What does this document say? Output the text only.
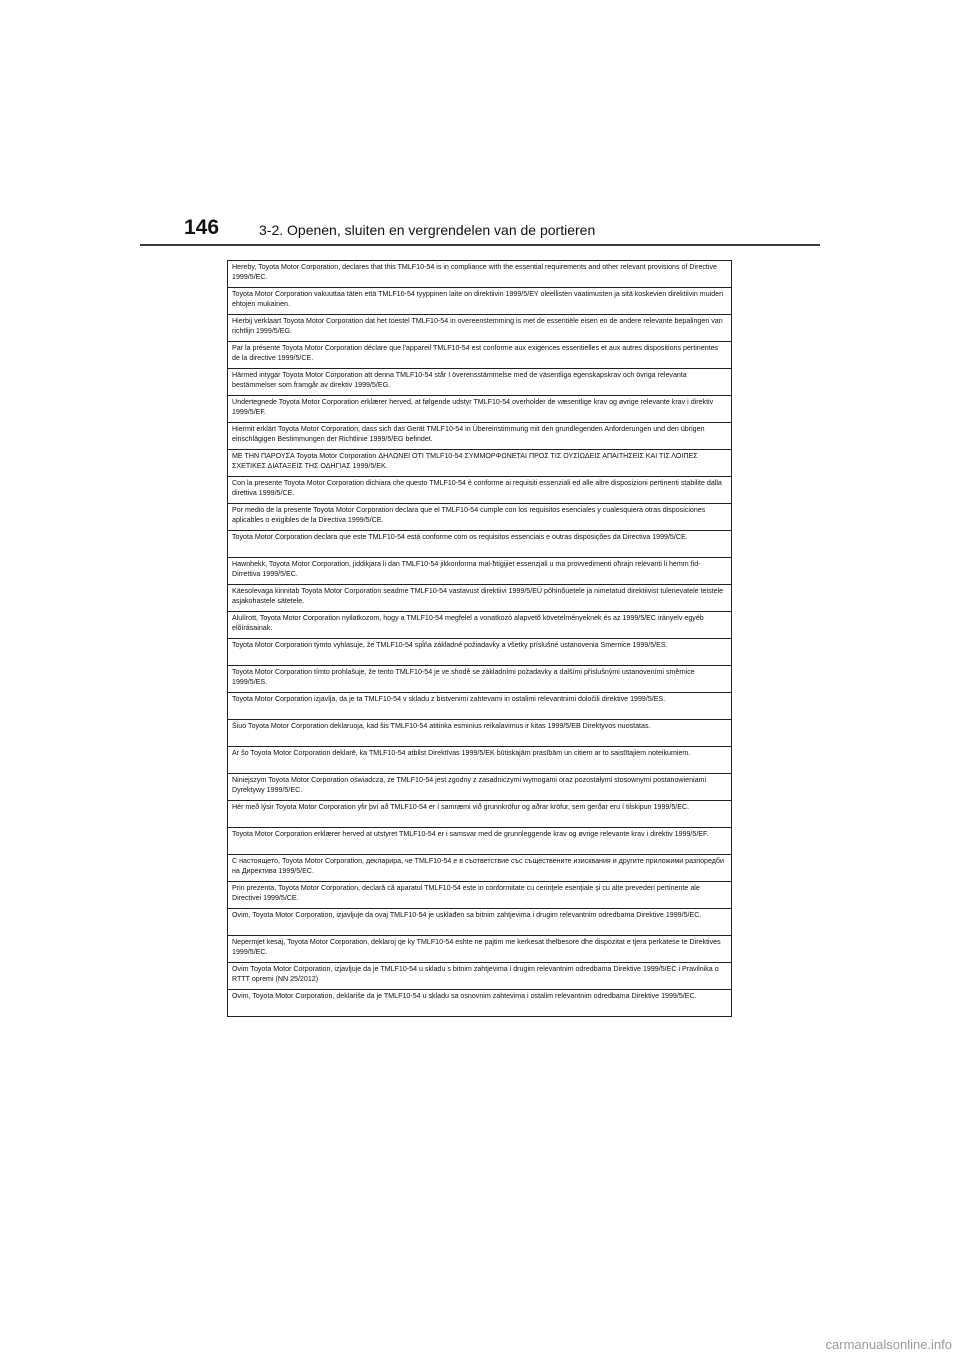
146	3-2. Openen, sluiten en vergrendelen van de portieren
Hereby, Toyota Motor Corporation, declares that this TMLF10-54 is in compliance with the essential requirements and other relevant provisions of Directive 1999/5/EC.
Toyota Motor Corporation vakuuttaa täten että TMLF10-54 tyyppinen laite on direktiivin 1999/5/EY oleellisten vaatimusten ja sitä koskevien direktiivin muiden ehtojen mukainen.
Hierbij verklaart Toyota Motor Corporation dat het toestel TMLF10-54 in overeenstemming is met de essentiële eisen en de andere relevante bepalingen van richtlijn 1999/5/EG.
Par la présente Toyota Motor Corporation déclare que l'appareil TMLF10-54 est conforme aux exigences essentielles et aux autres dispositions pertinentes de la directive 1999/5/CE.
Härmed intygar Toyota Motor Corporation att denna TMLF10-54 står I överensstämmelse med de väsentliga egenskapskrav och övriga relevanta bestämmelser som framgår av direktiv 1999/5/EG.
Undertegnede Toyota Motor Corporation erklærer herved, at følgende udstyr TMLF10-54 overholder de væsentlige krav og øvrige relevante krav i direktiv 1999/5/EF.
Hiermit erklärt Toyota Motor Corporation, dass sich das Gerät TMLF10-54 in Übereinstimmung mit den grundlegenden Anforderungen und den übrigen einschlägigen Bestimmungen der Richtlinie 1999/5/EG befindet.
ΜΕ ΤΗΝ ΠΑΡΟΥΣΑ Toyota Motor Corporation ΔΗΛΩΝΕΙ ΟΤΙ TMLF10-54 ΣΥΜΜΟΡΦΩΝΕΤΑΙ ΠΡΟΣ ΤΙΣ ΟΥΣΙΩΔΕΙΣ ΑΠΑΙΤΗΣΕΙΣ ΚΑΙ ΤΙΣ ΛΟΙΠΕΣ ΣΧΕΤΙΚΕΣ ΔΙΑΤΑΞΕΙΣ ΤΗΣ ΟΔΗΓΙΑΣ 1999/5/ΕΚ.
Con la presente Toyota Motor Corporation dichiara che questo TMLF10-54 è conforme ai requisiti essenziali ed alle altre disposizioni pertinenti stabilite dalla direttiva 1999/5/CE.
Por medio de la presente Toyota Motor Corporation declara que el TMLF10-54 cumple con los requisitos esenciales y cualesquiera otras disposiciones aplicables o exigibles de la Directiva 1999/5/CE.
Toyota Motor Corporation declara que este TMLF10-54 está conforme com os requisitos essenciais e outras disposições da Directiva 1999/5/CE.
Hawnhekk, Toyota Motor Corporation, jiddikjara li dan TMLF10-54 jikkonforma mal-ħtiġijiet essenzjali u ma provvedimenti oħrajn relevanti li hemm fid-Dirrettiva 1999/5/EC.
Käesolevaga kinnitab Toyota Motor Corporation seadme TMLF10-54 vastavust direktiivi 1999/5/EÜ põhinõuetele ja nimetatud direktiivist tulenevatele teistele asjakohastele sätetele.
Alulírott, Toyota Motor Corporation nyilatkozom, hogy a TMLF10-54 megfelel a vonatkozó alapvetõ követelményeknek és az 1999/5/EC irányelv egyéb elõírásainak.
Toyota Motor Corporation týmto vyhlasuje, že TMLF10-54 spĺňa základné požiadavky a všetky príslušné ustanovenia Smernice 1999/5/ES.
Toyota Motor Corporation tímto prohlašuje, že tento TMLF10-54 je ve shodě se základními požadavky a dalšími příslušnými ustanoveními směrnice 1999/5/ES.
Toyota Motor Corporation izjavlja, da je ta TMLF10-54 v skladu z bistvenimi zahtevami in ostalimi relevantnimi določili direktive 1999/5/ES.
Šiuo Toyota Motor Corporation deklaruoja, kad šis TMLF10-54 atitinka esminius reikalavimus ir kitas 1999/5/EB Direktyvos nuostatas.
Ar šo Toyota Motor Corporation deklarē, ka TMLF10-54 atbilst Direktīvas 1999/5/EK būtiskajām prasībām un citiem ar to saistītajiem noteikumiem.
Niniejszym Toyota Motor Corporation oświadcza, że TMLF10-54 jest zgodny z zasadniczymi wymogami oraz pozostałymi stosownymi postanowieniami Dyrektywy 1999/5/EC.
Hér með lýsir Toyota Motor Corporation yfir því að TMLF10-54 er í samræmi við grunnkröfur og aðrar kröfur, sem gerðar eru í tilskipun 1999/5/EC.
Toyota Motor Corporation erklærer herved at utstyret TMLF10-54 er i samsvar med de grunnleggende krav og øvrige relevante krav i direktiv 1999/5/EF.
С настоящето, Toyota Motor Corporation, декларира, че TMLF10-54 е в съответствие със съществените изисквания и другите приложими разпоредби на Директива 1999/5/ЕС.
Prin prezenta, Toyota Motor Corporation, declară că aparatul TMLF10-54 este in conformitate cu cerinţele esenţiale şi cu alte prevederi pertinente ale Directivei 1999/5/CE.
Ovim, Toyota Motor Corporation, izjavljuje da ovaj TMLF10-54 je usklađen sa bitnim zahtjevima i drugim relevantnim odredbama Direktive 1999/5/EC.
Nepermjet kesaj, Toyota Motor Corporation, deklaroj qe ky TMLF10-54 eshte ne pajtim me kerkesat thelbesore dhe dispozitat e tjera perkatese te Direktives 1999/5/EC.
Ovim Toyota Motor Corporation, izjavljuje da je TMLF10-54 u skladu s bitnim zahtjevima i drugim relevantnim odredbama Direktive 1999/5/EC i Pravilnika o RTTT opremi (NN 25/2012)
Ovim, Toyota Motor Corporation, deklariše da je TMLF10-54 u skladu sa osnovnim zahtevima i ostalim relevantnim odredbama Direktive 1999/5/EC.
carmanualsonline.info
